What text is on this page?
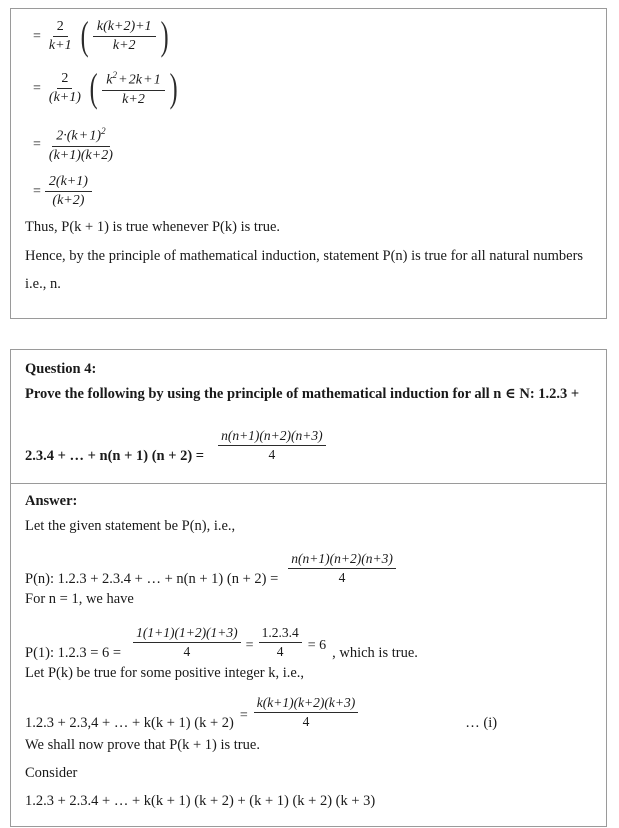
= $\frac{2}{k+1}$ ( $\frac{k(k+2)+1}{k+2}$ )
= $\frac{2}{(k+1)}$ ( $\frac{k^2 + 2k + 1}{k+2}$ )
= $\frac{2\cdot(k + 1)^2}{(k+1)(k+2)}$
= $\frac{2(k+1)}{(k+2)}$
Thus, P(k + 1) is true whenever P(k) is true.
Hence, by the principle of mathematical induction, statement P(n) is true for all natural numbers
i.e., n.
Question 4:
Prove the following by using the principle of mathematical induction for all n ∈ N: 1.2.3 +
2.3.4 + … + n(n + 1) $(n + 2) = \frac{n(n+1)(n+2)(n+3)}{4}$
Answer:
Let the given statement be P(n), i.e.,
P(n): 1.2.3 + 2.3.4 + … + n(n + 1) $(n + 2) = \frac{n(n+1)(n+2)(n+3)}{4}$
For n = 1, we have
P(1): $1.2.3 = 6 = \frac{1(1+1)(1+2)(1+3)}{4} = \frac{1.2.3.4}{4} = 6$ , which is true.
Let P(k) be true for some positive integer k, i.e.,
1.2.3 + 2.3,4 + … + k(k + 1) $(k + 2) = \frac{k(k+1)(k+2)(k+3)}{4}$	… (i)
We shall now prove that P(k + 1) is true.
Consider
1.2.3 + 2.3.4 + … + k(k + 1) (k + 2) + (k + 1) (k + 2) (k + 3)
